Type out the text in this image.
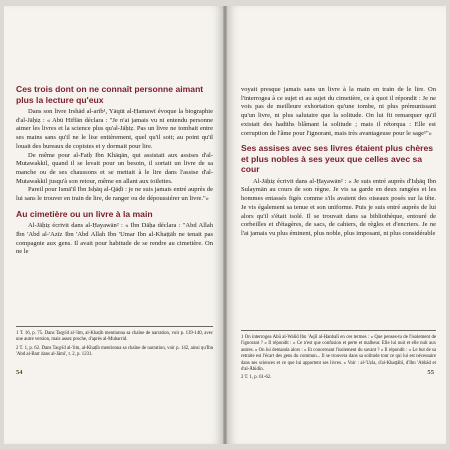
Ces trois dont on ne connaît personne aimant plus la lecture qu'eux

Dans son livre Irshād al-arīb¹, Yāqūt al-Ḥamawī évoque la biographie d'al-Jāḥiẓ : « Abū Hiffān déclara : "Je n'ai jamais vu ni entendu personne aimer les livres et la science plus qu'al-Jāḥiẓ. Pas un livre ne tombait entre ses mains sans qu'il ne le lise entièrement, quel qu'il soit; au point qu'il louait des bureaux de copistes et y dormait pour lire.

De même pour al-Fatḥ Ibn Khāqān, qui assistait aux assises d'al-Mutawakkil, quand il se levait pour un besoin, il sortait un livre de sa manche ou de ses chaussons et se mettait à le lire dans l'assise d'al-Mutawakkil jusqu'à son retour, même en allant aux toilettes.

Pareil pour Ismā'īl Ibn Isḥāq al-Qāḍī : je ne suis jamais entré auprès de lui sans le trouver en train de lire, de ranger ou de dépoussiérer un livre."»

Au cimetière ou un livre à la main

Al-Jāḥiẓ écrivit dans al-Ḥayawān² : « Ibn Dāḥa déclara : "Abd Allah Ibn 'Abd al-'Azīz Ibn 'Abd Allah Ibn 'Umar Ibn al-Khaṭṭāb ne tenait pas compagnie aux gens. Il avait pour habitude de se rendre au cimetière. On ne le

1 T. 16, p. 75. Dans Taqyīd al-'ilm, al-Khaṭīb mentionna sa chaîne de narration, voir p. 139-140, avec une autre version, mais assez proche, d'après al-Mubarrid.

2 T. 1, p. 62. Dans Taqyīd al-'ilm, al-Khaṭīb mentionna sa chaîne de narration, voir p. 142, ainsi qu'Ibn 'Abd al-Barr dans al-Jāmi', t. 2, p. 1231.

54

voyait presque jamais sans un livre à la main en train de le lire. On l'interrogea à ce sujet et au sujet du cimetière, ce à quoi il répondit : Je ne vois pas de meilleure exhortation qu'une tombe, ni plus prémunissant qu'un livre, ni plus salutaire que la solitude. On lui fit remarquer qu'il existait des hadiths blâmant la solitude ; mais il rétorqua : Elle est corruption de l'âme pour l'ignorant, mais très avantageuse pour le sage¹"»

Ses assises avec ses livres étaient plus chères et plus nobles à ses yeux que celles avec sa cour

Al-Jāḥiẓ écrivit dans al-Ḥayawān² : « Je suis entré auprès d'Isḥāq Ibn Sulaymān au cours de son règne. Je vis sa garde en deux rangées et les hommes entassés figés comme s'ils avaient des oiseaux posés sur la tête. Je vis également sa tenue et son uniforme. Puis je suis entré auprès de lui alors qu'il s'était isolé. Il se trouvait dans sa bibliothèque, entouré de corbeilles et d'étagères, de sacs, de cahiers, de règles et d'encriers. Je ne l'ai jamais vu plus éminent, plus noble, plus imposant, ni plus considérable

1 On interrogea Abū al-Walīd Ibn 'Aqīl al-Ḥanbalī en ces termes : « Que penses-tu de l'isolement de l'ignorant ? » Il répondit : « Ce n'est que confusion et perte et malheur. Elle lui nuit et elle nuit aux autres. » On lui demanda alors : « Et concernant l'isolement du savant ? » Il répondit : « Le but de sa retraite est l'écart des gens du commun... Il se trouvera dans sa solitude tout ce qui lui est nécessaire dans ses sciences et ce que lui apportent ses livres. » Voir : al-'Uzla, d'al-Khaṭṭābī, d'Ibn 'Abbād et d'al-Ābidīn.

2 T. 1, p. 61-62.

55
